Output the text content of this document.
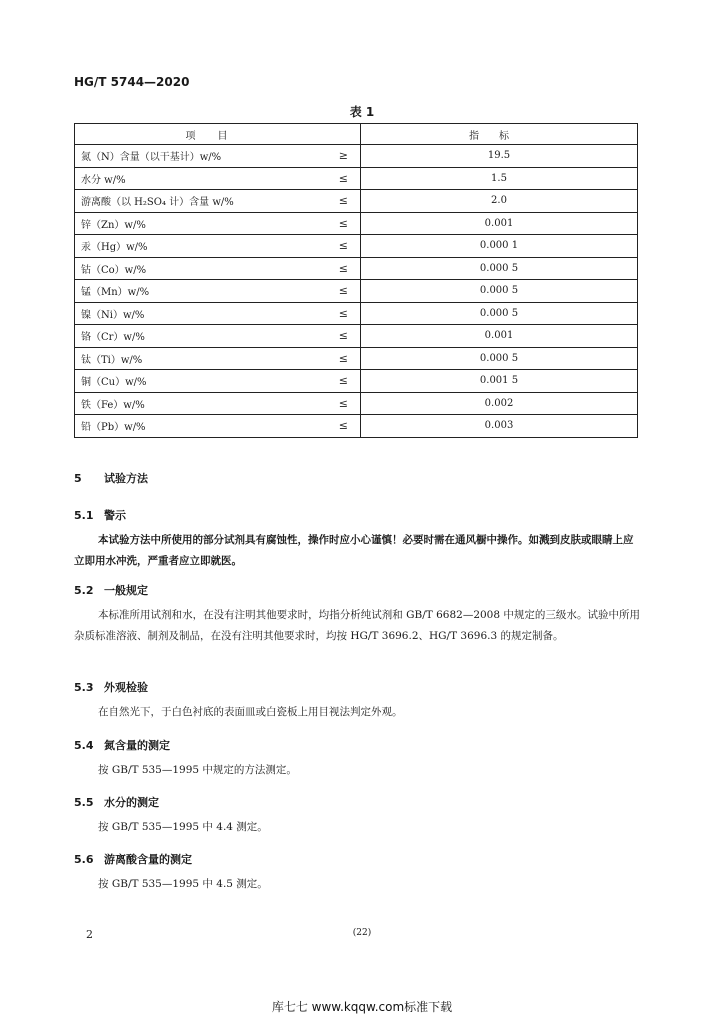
HG/T 5744—2020
表 1
项目		指标
氮（N）含量（以干基计）w/%	≥	19.5
水分 w/%	≤	1.5
游离酸（以 H₂SO₄ 计）含量 w/%	≤	2.0
锌（Zn）w/%	≤	0.001
汞（Hg）w/%	≤	0.000 1
钴（Co）w/%	≤	0.000 5
锰（Mn）w/%	≤	0.000 5
镍（Ni）w/%	≤	0.000 5
铬（Cr）w/%	≤	0.001
钛（Ti）w/%	≤	0.000 5
铜（Cu）w/%	≤	0.001 5
铁（Fe）w/%	≤	0.002
铅（Pb）w/%	≤	0.003
5 试验方法
5.1 警示
本试验方法中所使用的部分试剂具有腐蚀性，操作时应小心谨慎！必要时需在通风橱中操作。如溅到皮肤或眼睛上应立即用水冲洗，严重者应立即就医。
5.2 一般规定
本标准所用试剂和水，在没有注明其他要求时，均指分析纯试剂和 GB/T 6682—2008 中规定的三级水。试验中所用杂质标准溶液、制剂及制品，在没有注明其他要求时，均按 HG/T 3696.2、HG/T 3696.3 的规定制备。
5.3 外观检验
在自然光下，于白色衬底的表面皿或白瓷板上用目视法判定外观。
5.4 氮含量的测定
按 GB/T 535—1995 中规定的方法测定。
5.5 水分的测定
按 GB/T 535—1995 中 4.4 测定。
5.6 游离酸含量的测定
按 GB/T 535—1995 中 4.5 测定。
2	(22)
库七七 www.kqqw.com标准下载
